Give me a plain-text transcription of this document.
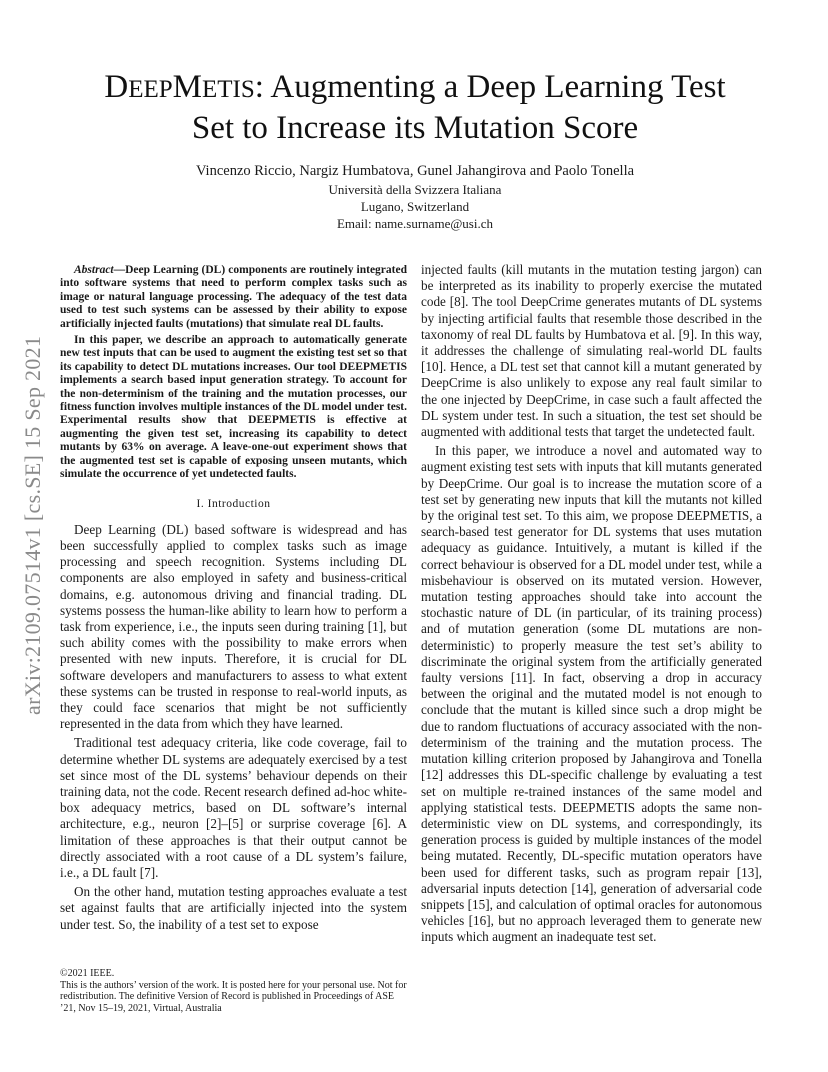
arXiv:2109.07514v1 [cs.SE] 15 Sep 2021
DEEPMETIS: Augmenting a Deep Learning Test
Set to Increase its Mutation Score
Vincenzo Riccio, Nargiz Humbatova, Gunel Jahangirova and Paolo Tonella
Università della Svizzera Italiana
Lugano, Switzerland
Email: name.surname@usi.ch

Abstract—Deep Learning (DL) components are routinely integrated into software systems that need to perform complex tasks such as image or natural language processing. The adequacy of the test data used to test such systems can be assessed by their ability to expose artificially injected faults (mutations) that simulate real DL faults.

In this paper, we describe an approach to automatically generate new test inputs that can be used to augment the existing test set so that its capability to detect DL mutations increases. Our tool DEEPMETIS implements a search based input generation strategy. To account for the non-determinism of the training and the mutation processes, our fitness function involves multiple instances of the DL model under test. Experimental results show that DEEPMETIS is effective at augmenting the given test set, increasing its capability to detect mutants by 63% on average. A leave-one-out experiment shows that the augmented test set is capable of exposing unseen mutants, which simulate the occurrence of yet undetected faults.

I. Introduction

Deep Learning (DL) based software is widespread and has been successfully applied to complex tasks such as image processing and speech recognition. Systems including DL components are also employed in safety and business-critical domains, e.g. autonomous driving and financial trading. DL systems possess the human-like ability to learn how to perform a task from experience, i.e., the inputs seen during training [1], but such ability comes with the possibility to make errors when presented with new inputs. Therefore, it is crucial for DL software developers and manufacturers to assess to what extent these systems can be trusted in response to real-world inputs, as they could face scenarios that might be not sufficiently represented in the data from which they have learned.

Traditional test adequacy criteria, like code coverage, fail to determine whether DL systems are adequately exercised by a test set since most of the DL systems’ behaviour depends on their training data, not the code. Recent research defined ad-hoc white-box adequacy metrics, based on DL software’s internal architecture, e.g., neuron [2]–[5] or surprise coverage [6]. A limitation of these approaches is that their output cannot be directly associated with a root cause of a DL system’s failure, i.e., a DL fault [7].

On the other hand, mutation testing approaches evaluate a test set against faults that are artificially injected into the system under test. So, the inability of a test set to expose

©2021 IEEE.
This is the authors’ version of the work. It is posted here for your personal use. Not for redistribution. The definitive Version of Record is published in Proceedings of ASE ’21, Nov 15–19, 2021, Virtual, Australia

injected faults (kill mutants in the mutation testing jargon) can be interpreted as its inability to properly exercise the mutated code [8]. The tool DeepCrime generates mutants of DL systems by injecting artificial faults that resemble those described in the taxonomy of real DL faults by Humbatova et al. [9]. In this way, it addresses the challenge of simulating real-world DL faults [10]. Hence, a DL test set that cannot kill a mutant generated by DeepCrime is also unlikely to expose any real fault similar to the one injected by DeepCrime, in case such a fault affected the DL system under test. In such a situation, the test set should be augmented with additional tests that target the undetected fault.

In this paper, we introduce a novel and automated way to augment existing test sets with inputs that kill mutants generated by DeepCrime. Our goal is to increase the mutation score of a test set by generating new inputs that kill the mutants not killed by the original test set. To this aim, we propose DEEPMETIS, a search-based test generator for DL systems that uses mutation adequacy as guidance. Intuitively, a mutant is killed if the correct behaviour is observed for a DL model under test, while a misbehaviour is observed on its mutated version. However, mutation testing approaches should take into account the stochastic nature of DL (in particular, of its training process) and of mutation generation (some DL mutations are non-deterministic) to properly measure the test set’s ability to discriminate the original system from the artificially generated faulty versions [11]. In fact, observing a drop in accuracy between the original and the mutated model is not enough to conclude that the mutant is killed since such a drop might be due to random fluctuations of accuracy associated with the non-determinism of the training and the mutation process. The mutation killing criterion proposed by Jahangirova and Tonella [12] addresses this DL-specific challenge by evaluating a test set on multiple re-trained instances of the same model and applying statistical tests. DEEPMETIS adopts the same non-deterministic view on DL systems, and correspondingly, its generation process is guided by multiple instances of the model being mutated. Recently, DL-specific mutation operators have been used for different tasks, such as program repair [13], adversarial inputs detection [14], generation of adversarial code snippets [15], and calculation of optimal oracles for autonomous vehicles [16], but no approach leveraged them to generate new inputs which augment an inadequate test set.
